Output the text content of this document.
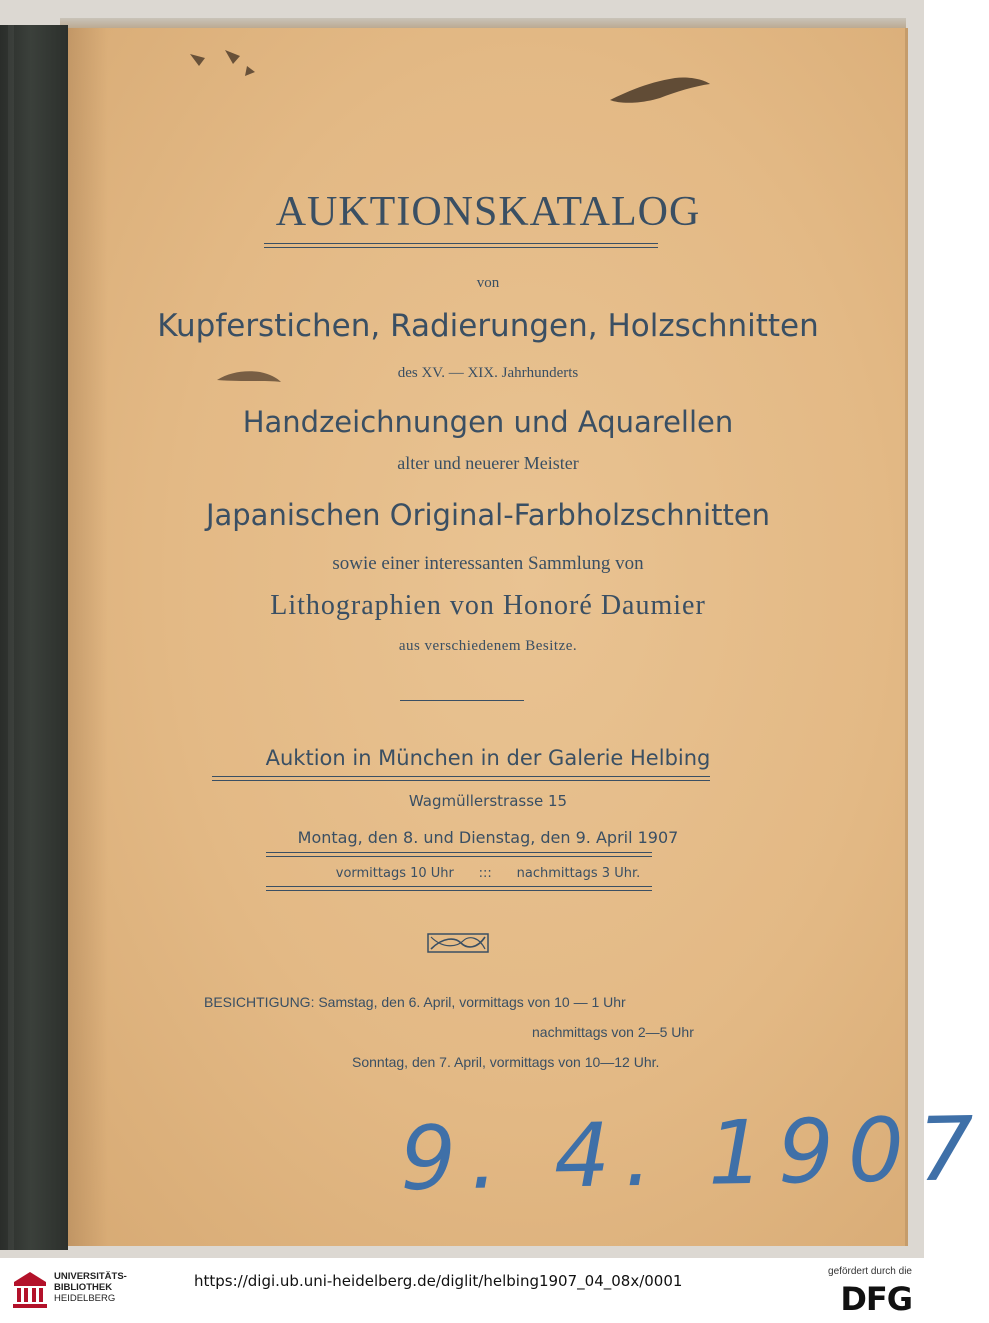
AUKTIONSKATALOG
von
Kupferstichen, Radierungen, Holzschnitten
des XV. — XIX. Jahrhunderts
Handzeichnungen und Aquarellen
alter und neuerer Meister
Japanischen Original-Farbholzschnitten
sowie einer interessanten Sammlung von
Lithographien von Honoré Daumier
aus verschiedenem Besitze.
Auktion in München in der Galerie Helbing
Wagmüllerstrasse 15
Montag, den 8. und Dienstag, den 9. April 1907
vormittags 10 Uhr      :::      nachmittags 3 Uhr.
BESICHTIGUNG: Samstag, den 6. April, vormittags von 10 — 1 Uhr
nachmittags von 2—5 Uhr
Sonntag, den 7. April, vormittags von 10—12 Uhr.
9. 4. 1907
UNIVERSITÄTS-
BIBLIOTHEK
HEIDELBERG
https://digi.ub.uni-heidelberg.de/diglit/helbing1907_04_08x/0001
gefördert durch die
DFG
